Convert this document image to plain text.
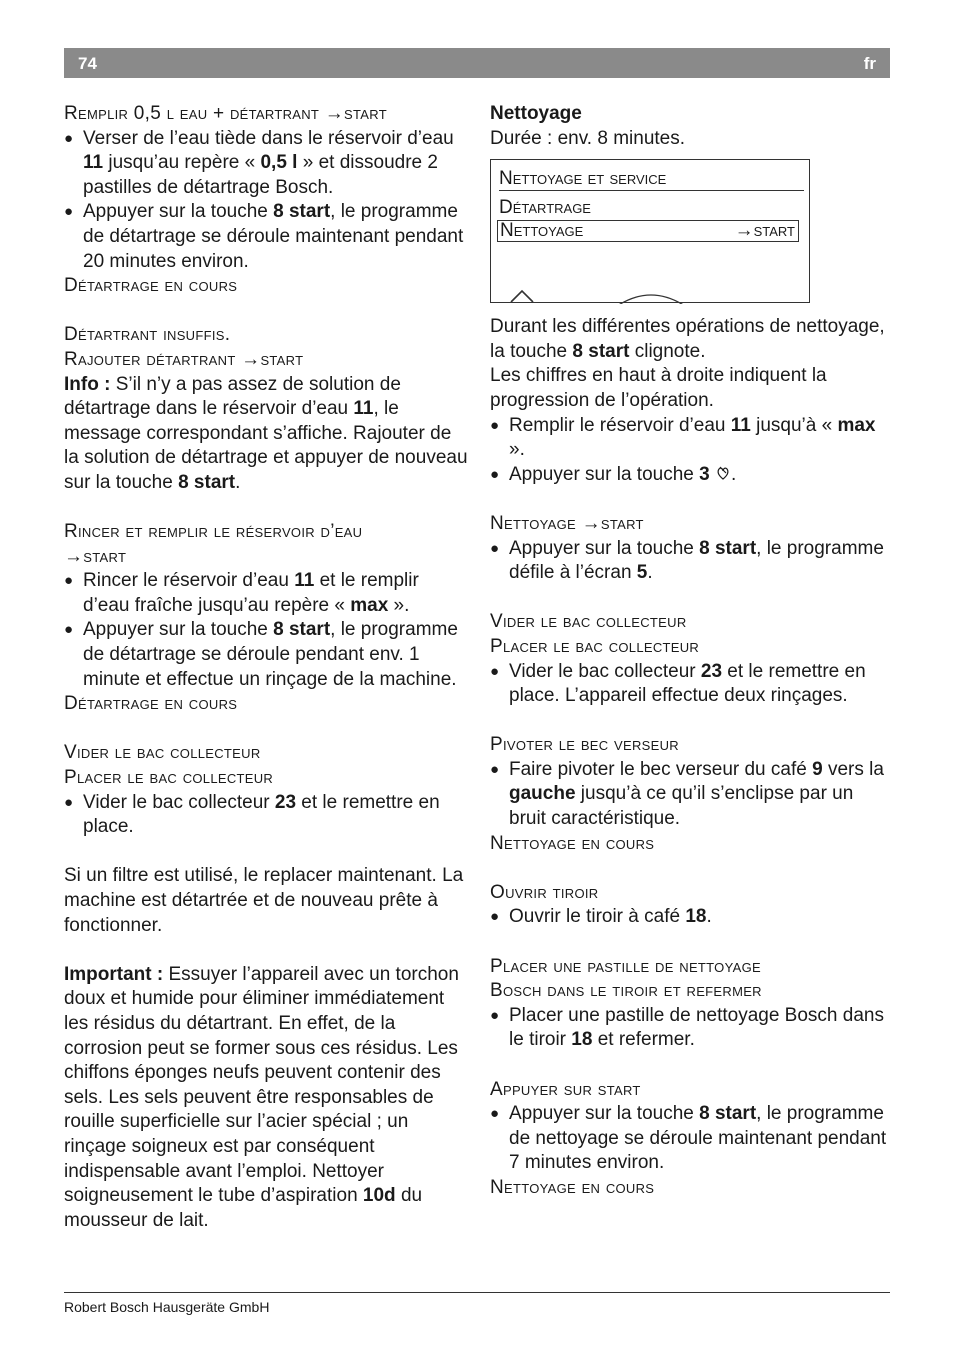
74	fr
Remplir 0,5 l eau + détartrant →start
● Verser de l’eau tiède dans le réservoir d’eau 11 jusqu’au repère « 0,5 l » et dissoudre 2 pastilles de détartrage Bosch.
● Appuyer sur la touche 8 start, le programme de détartrage se déroule maintenant pendant 20 minutes environ.
Détartrage en cours
Détartrant insuffis.
Rajouter détartrant →start
Info : S’il n’y a pas assez de solution de détartrage dans le réservoir d’eau 11, le message correspondant s’affiche. Rajouter de la solution de détartrage et appuyer de nouveau sur la touche 8 start.
Rincer et remplir le réservoir d’eau
→start
● Rincer le réservoir d’eau 11 et le remplir d’eau fraîche jusqu’au repère « max ».
● Appuyer sur la touche 8 start, le programme de détartrage se déroule pendant env. 1 minute et effectue un rinçage de la machine.
Détartrage en cours
Vider le bac collecteur
Placer le bac collecteur
● Vider le bac collecteur 23 et le remettre en place.
Si un filtre est utilisé, le replacer maintenant. La machine est détartrée et de nouveau prête à fonctionner.
Important : Essuyer l’appareil avec un torchon doux et humide pour éliminer immédiatement les résidus du détartrant. En effet, de la corrosion peut se former sous ces résidus. Les chiffons éponges neufs peuvent contenir des sels. Les sels peuvent être responsables de rouille superficielle sur l’acier spécial ; un rinçage soigneux est par conséquent indispensable avant l’emploi. Nettoyer soigneusement le tube d’aspiration 10d du mousseur de lait.
Nettoyage
Durée : env. 8 minutes.
Nettoyage et service
Détartrage
Nettoyage	→start
Durant les différentes opérations de nettoyage, la touche 8 start clignote.
Les chiffres en haut à droite indiquent la progression de l’opération.
● Remplir le réservoir d’eau 11 jusqu’à « max ».
● Appuyer sur la touche 3 .
Nettoyage →start
● Appuyer sur la touche 8 start, le programme défile à l’écran 5.
Vider le bac collecteur
Placer le bac collecteur
● Vider le bac collecteur 23 et le remettre en place. L’appareil effectue deux rinçages.
Pivoter le bec verseur
● Faire pivoter le bec verseur du café 9 vers la gauche jusqu’à ce qu’il s’enclipse par un bruit caractéristique.
Nettoyage en cours
Ouvrir tiroir
● Ouvrir le tiroir à café 18.
Placer une pastille de nettoyage
Bosch dans le tiroir et refermer
● Placer une pastille de nettoyage Bosch dans le tiroir 18 et refermer.
Appuyer sur start
● Appuyer sur la touche 8 start, le programme de nettoyage se déroule maintenant pendant 7 minutes environ.
Nettoyage en cours
Robert Bosch Hausgeräte GmbH
